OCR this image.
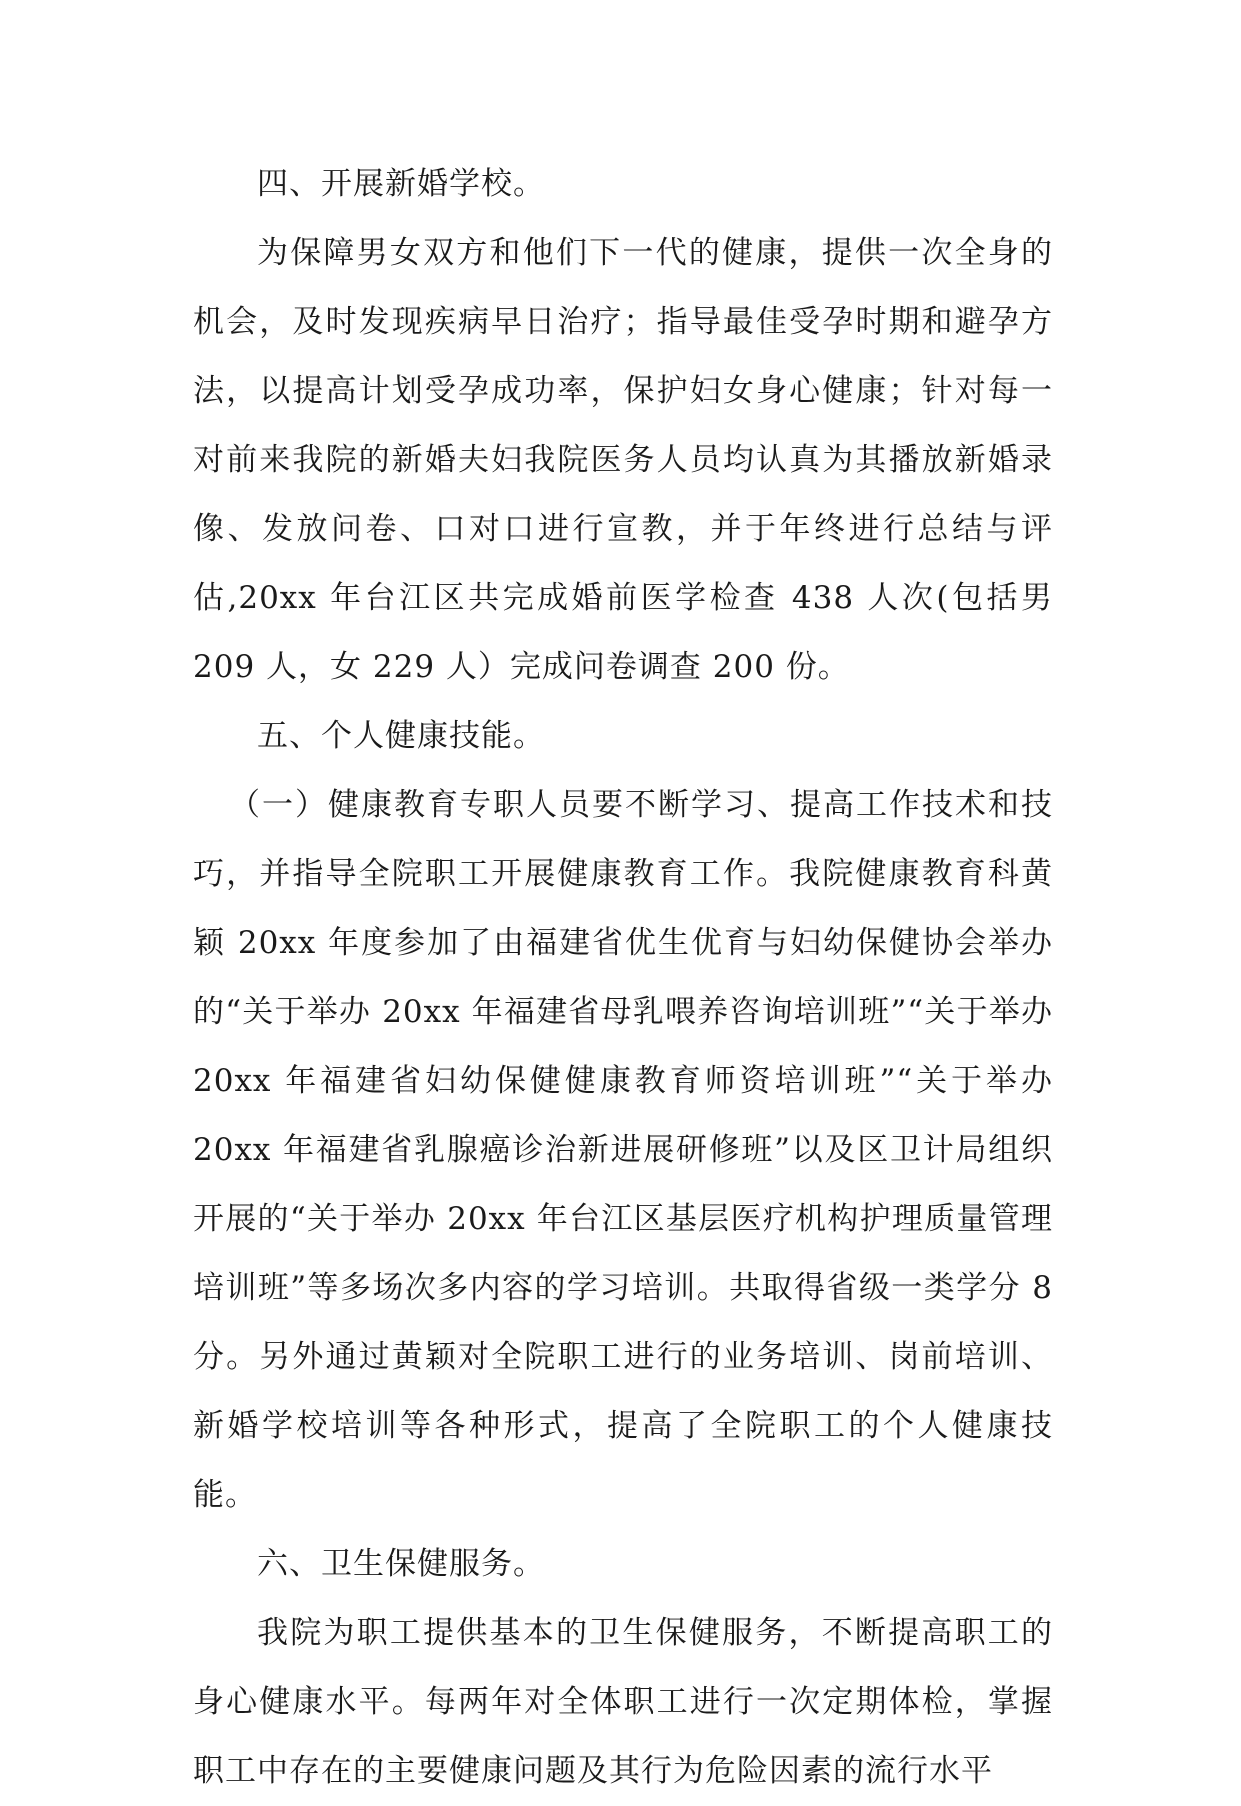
四、开展新婚学校。

为保障男女双方和他们下一代的健康，提供一次全身的机会，及时发现疾病早日治疗；指导最佳受孕时期和避孕方法，以提高计划受孕成功率，保护妇女身心健康；针对每一对前来我院的新婚夫妇我院医务人员均认真为其播放新婚录像、发放问卷、口对口进行宣教，并于年终进行总结与评估,20xx 年台江区共完成婚前医学检查 438 人次(包括男 209 人，女 229 人）完成问卷调查 200 份。

五、个人健康技能。

（一）健康教育专职人员要不断学习、提高工作技术和技巧，并指导全院职工开展健康教育工作。我院健康教育科黄颖 20xx 年度参加了由福建省优生优育与妇幼保健协会举办的“关于举办 20xx 年福建省母乳喂养咨询培训班”“关于举办 20xx 年福建省妇幼保健健康教育师资培训班”“关于举办 20xx 年福建省乳腺癌诊治新进展研修班”以及区卫计局组织开展的“关于举办 20xx 年台江区基层医疗机构护理质量管理培训班”等多场次多内容的学习培训。共取得省级一类学分 8 分。另外通过黄颖对全院职工进行的业务培训、岗前培训、新婚学校培训等各种形式，提高了全院职工的个人健康技能。

六、卫生保健服务。

我院为职工提供基本的卫生保健服务，不断提高职工的身心健康水平。每两年对全体职工进行一次定期体检，掌握职工中存在的主要健康问题及其行为危险因素的流行水平
